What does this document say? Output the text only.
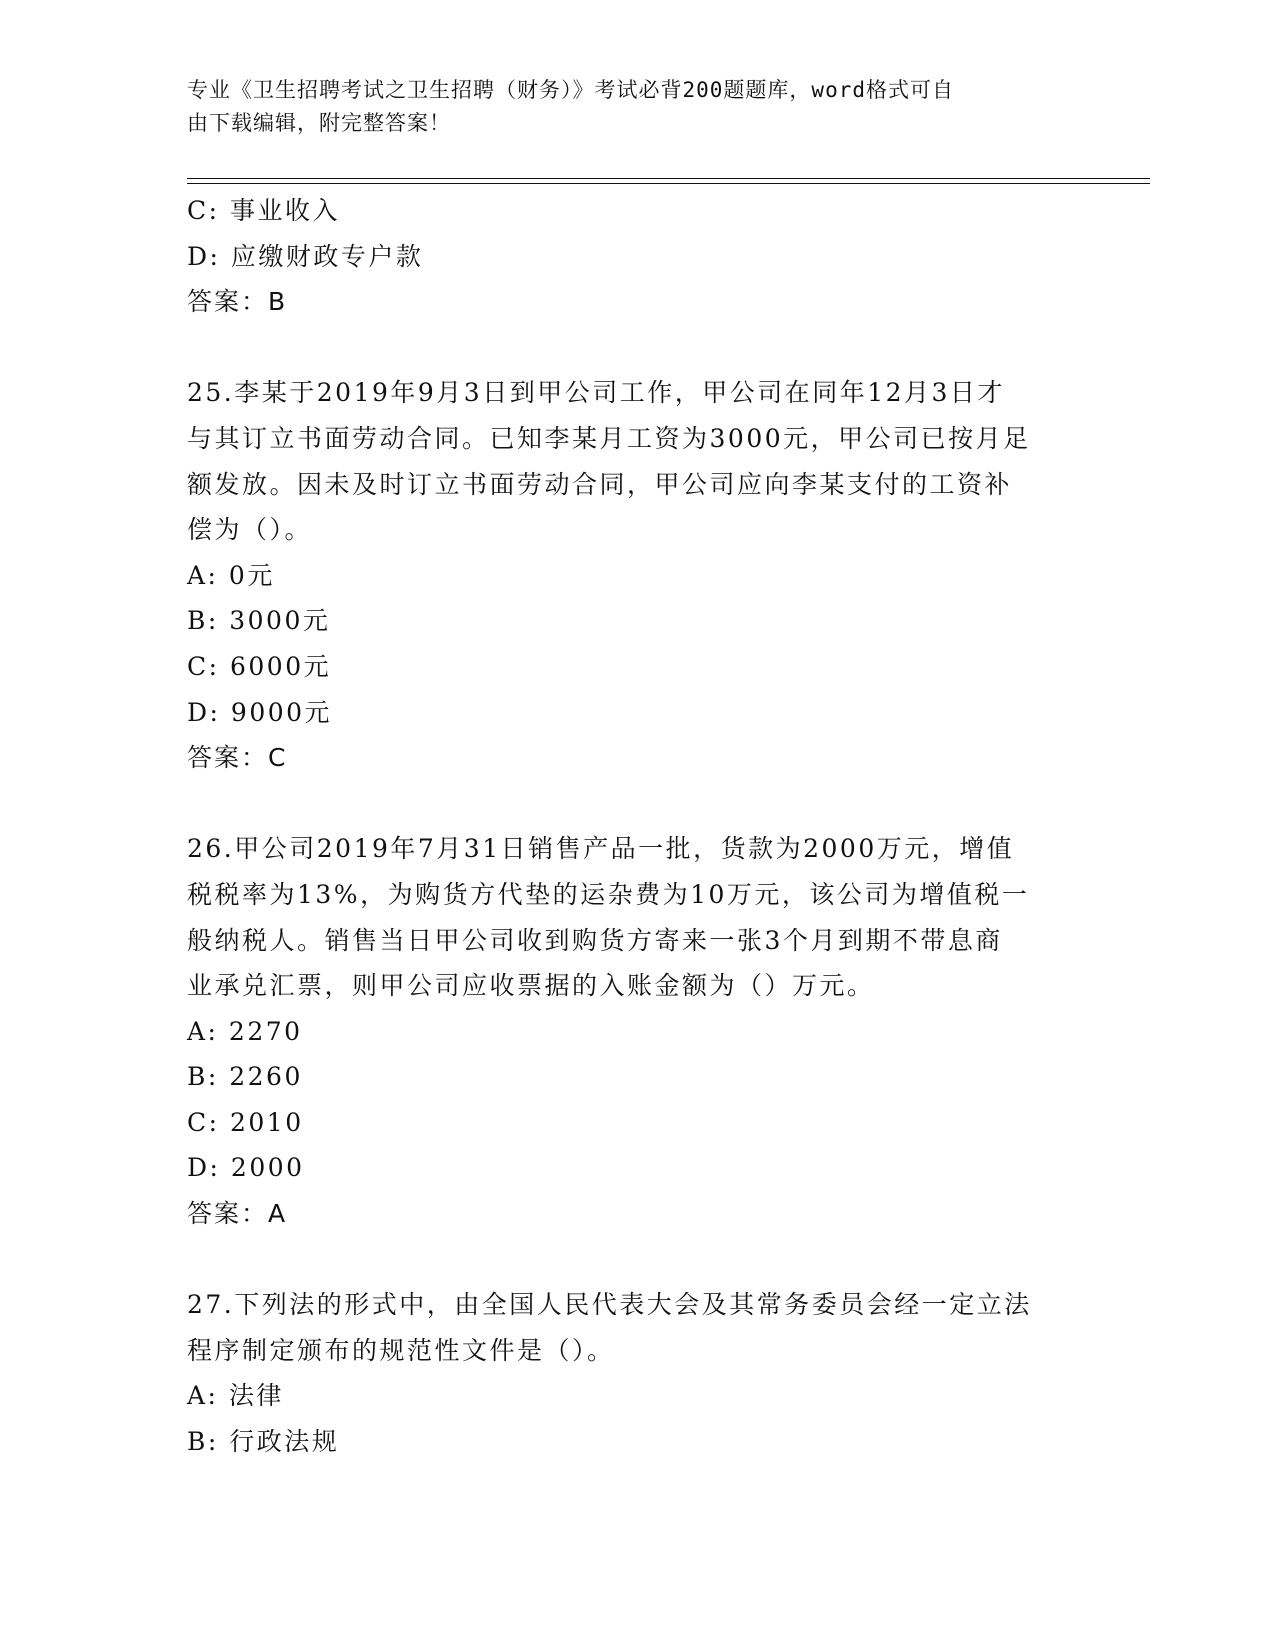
专业《卫生招聘考试之卫生招聘（财务）》考试必背200题题库，word格式可自
由下载编辑，附完整答案！
C: 事业收入
D: 应缴财政专户款
答案：B
25.李某于2019年9月3日到甲公司工作，甲公司在同年12月3日才
与其订立书面劳动合同。已知李某月工资为3000元，甲公司已按月足
额发放。因未及时订立书面劳动合同，甲公司应向李某支付的工资补
偿为（）。
A: 0元
B: 3000元
C: 6000元
D: 9000元
答案：C
26.甲公司2019年7月31日销售产品一批，货款为2000万元，增值
税税率为13%，为购货方代垫的运杂费为10万元，该公司为增值税一
般纳税人。销售当日甲公司收到购货方寄来一张3个月到期不带息商
业承兑汇票，则甲公司应收票据的入账金额为（）万元。
A: 2270
B: 2260
C: 2010
D: 2000
答案：A
27.下列法的形式中，由全国人民代表大会及其常务委员会经一定立法
程序制定颁布的规范性文件是（）。
A: 法律
B: 行政法规
